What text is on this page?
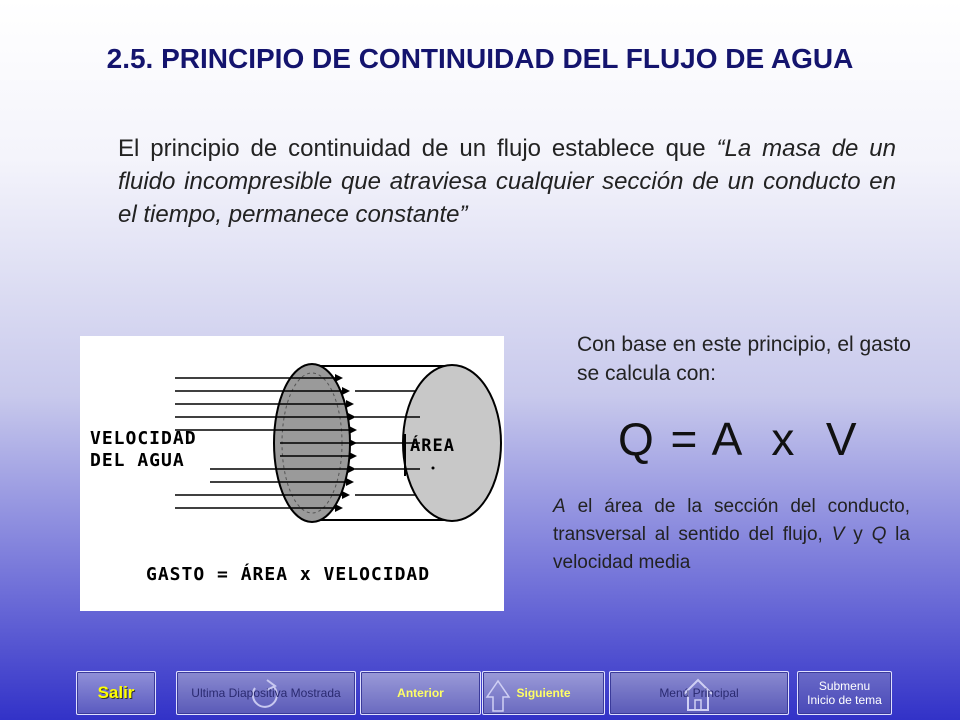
2.5. PRINCIPIO DE CONTINUIDAD DEL FLUJO DE AGUA
El principio de continuidad de un flujo establece que “La masa de un fluido incompresible que atraviesa cualquier sección de un conducto en el tiempo, permanece constante”
VELOCIDAD
DEL AGUA
ÁREA
GASTO = ÁREA x VELOCIDAD
Con base en este principio, el gasto se calcula con:
Q = A  x  V
A el área de la sección del conducto, transversal al sentido del flujo, V y Q la velocidad media
Salir	Ultima Diapositiva Mostrada	Anterior	Siguiente	Menú Principal	Submenu
Inicio de tema
